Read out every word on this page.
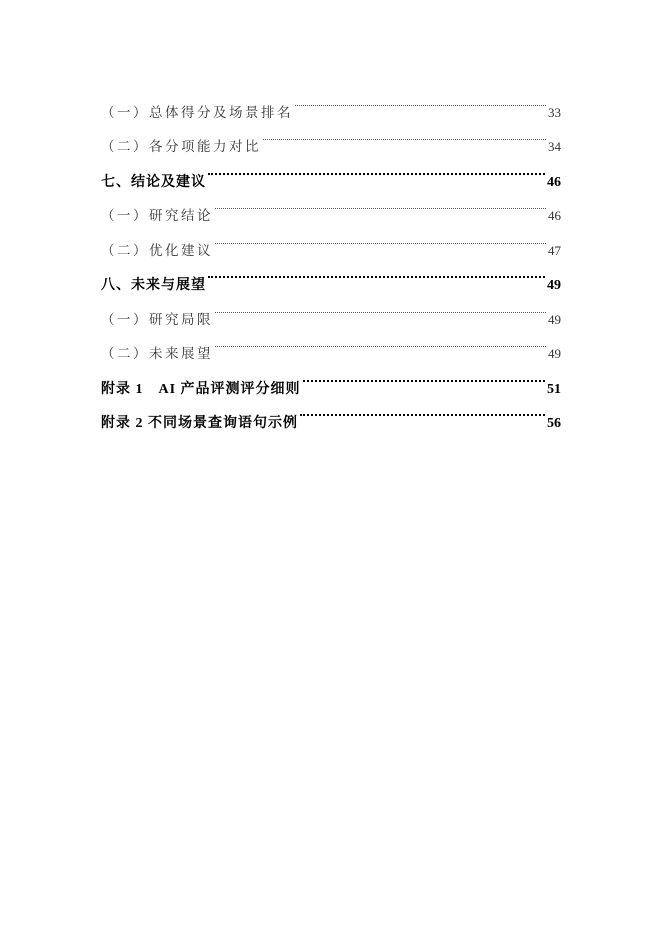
（一）总体得分及场景排名	33
（二）各分项能力对比	34
七、结论及建议	46
（一）研究结论	46
（二）优化建议	47
八、未来与展望	49
（一）研究局限	49
（二）未来展望	49
附录 1　AI 产品评测评分细则	51
附录 2 不同场景查询语句示例	56
